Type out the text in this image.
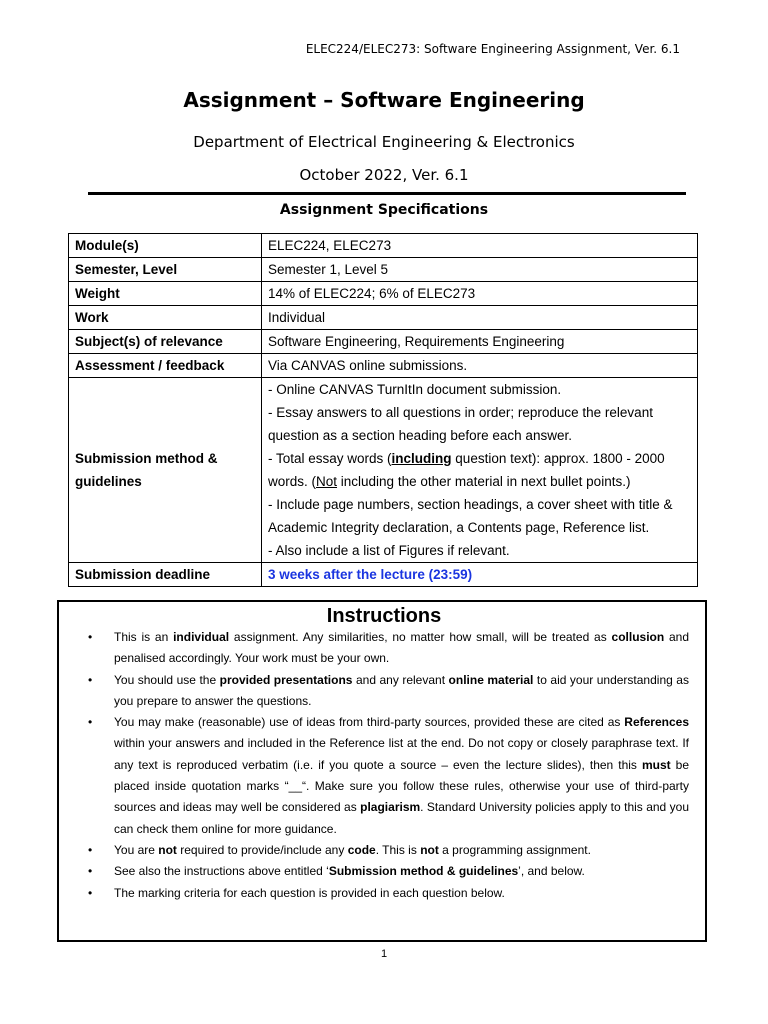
ELEC224/ELEC273: Software Engineering Assignment, Ver. 6.1
Assignment – Software Engineering
Department of Electrical Engineering & Electronics
October 2022, Ver. 6.1
Assignment Specifications
Module(s)	ELEC224, ELEC273
Semester, Level	Semester 1, Level 5
Weight	14% of ELEC224; 6% of ELEC273
Work	Individual
Subject(s) of relevance	Software Engineering, Requirements Engineering
Assessment / feedback	Via CANVAS online submissions.
Submission method & guidelines	- Online CANVAS TurnItIn document submission.
- Essay answers to all questions in order; reproduce the relevant question as a section heading before each answer.
- Total essay words (including question text): approx. 1800 - 2000 words. (Not including the other material in next bullet points.)
- Include page numbers, section headings, a cover sheet with title & Academic Integrity declaration, a Contents page, Reference list.
- Also include a list of Figures if relevant.

Submission deadline	3 weeks after the lecture (23:59)
Instructions
• This is an individual assignment. Any similarities, no matter how small, will be treated as collusion and penalised accordingly. Your work must be your own.
• You should use the provided presentations and any relevant online material to aid your understanding as you prepare to answer the questions.
• You may make (reasonable) use of ideas from third-party sources, provided these are cited as References within your answers and included in the Reference list at the end. Do not copy or closely paraphrase text. If any text is reproduced verbatim (i.e. if you quote a source – even the lecture slides), then this must be placed inside quotation marks “__“. Make sure you follow these rules, otherwise your use of third-party sources and ideas may well be considered as plagiarism. Standard University policies apply to this and you can check them online for more guidance.
• You are not required to provide/include any code. This is not a programming assignment.
• See also the instructions above entitled ‘Submission method & guidelines’, and below.
• The marking criteria for each question is provided in each question below.
1
